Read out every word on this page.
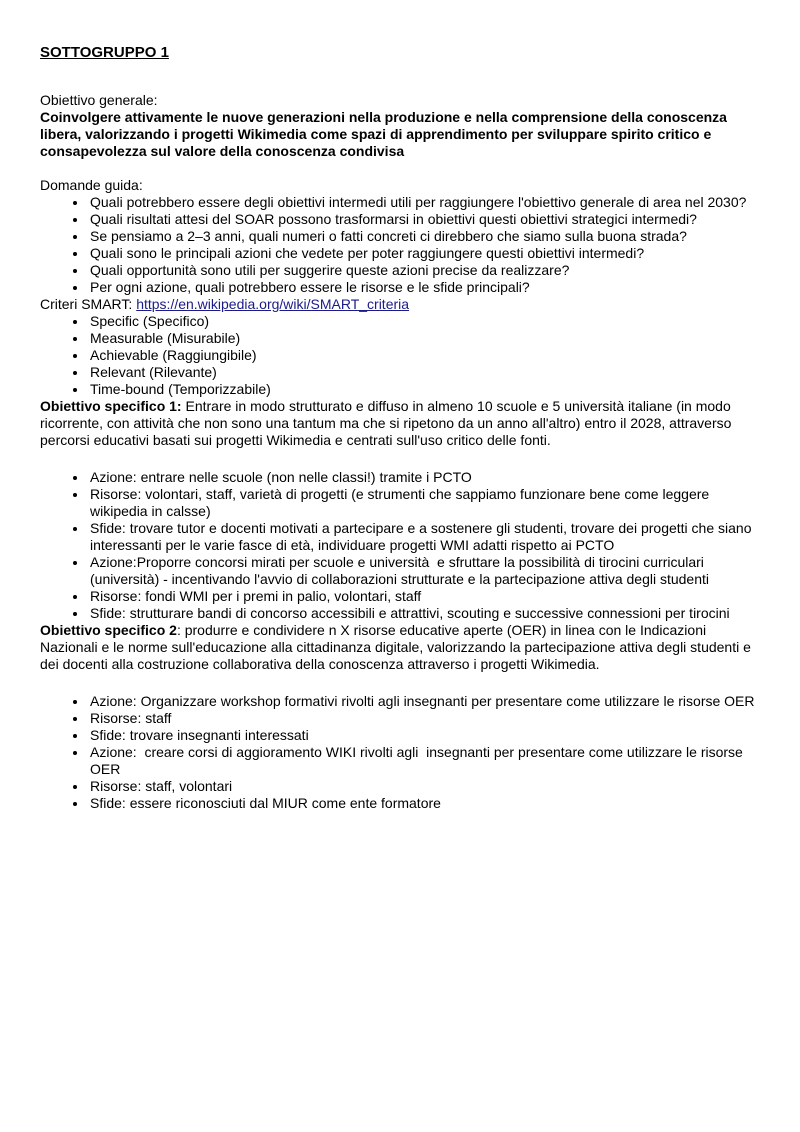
SOTTOGRUPPO 1

Obiettivo generale:

Coinvolgere attivamente le nuove generazioni nella produzione e nella comprensione della conoscenza libera, valorizzando i progetti Wikimedia come spazi di apprendimento per sviluppare spirito critico e consapevolezza sul valore della conoscenza condivisa

Domande guida:

• Quali potrebbero essere degli obiettivi intermedi utili per raggiungere l'obiettivo generale di area nel 2030?
• Quali risultati attesi del SOAR possono trasformarsi in obiettivi questi obiettivi strategici intermedi?
• Se pensiamo a 2–3 anni, quali numeri o fatti concreti ci direbbero che siamo sulla buona strada?
• Quali sono le principali azioni che vedete per poter raggiungere questi obiettivi intermedi?
• Quali opportunità sono utili per suggerire queste azioni precise da realizzare?
• Per ogni azione, quali potrebbero essere le risorse e le sfide principali?

Criteri SMART: https://en.wikipedia.org/wiki/SMART_criteria

• Specific (Specifico)
• Measurable (Misurabile)
• Achievable (Raggiungibile)
• Relevant (Rilevante)
• Time-bound (Temporizzabile)

Obiettivo specifico 1: Entrare in modo strutturato e diffuso in almeno 10 scuole e 5 università italiane (in modo ricorrente, con attività che non sono una tantum ma che si ripetono da un anno all'altro) entro il 2028, attraverso percorsi educativi basati sui progetti Wikimedia e centrati sull'uso critico delle fonti.

• Azione: entrare nelle scuole (non nelle classi!) tramite i PCTO
• Risorse: volontari, staff, varietà di progetti (e strumenti che sappiamo funzionare bene come leggere wikipedia in calsse)
• Sfide: trovare tutor e docenti motivati a partecipare e a sostenere gli studenti, trovare dei progetti che siano interessanti per le varie fasce di età, individuare progetti WMI adatti rispetto ai PCTO
• Azione:Proporre concorsi mirati per scuole e università  e sfruttare la possibilità di tirocini curriculari (università) - incentivando l'avvio di collaborazioni strutturate e la partecipazione attiva degli studenti
• Risorse: fondi WMI per i premi in palio, volontari, staff
• Sfide: strutturare bandi di concorso accessibili e attrattivi, scouting e successive connessioni per tirocini

Obiettivo specifico 2: produrre e condividere n X risorse educative aperte (OER) in linea con le Indicazioni Nazionali e le norme sull'educazione alla cittadinanza digitale, valorizzando la partecipazione attiva degli studenti e dei docenti alla costruzione collaborativa della conoscenza attraverso i progetti Wikimedia.

• Azione: Organizzare workshop formativi rivolti agli insegnanti per presentare come utilizzare le risorse OER
• Risorse: staff
• Sfide: trovare insegnanti interessati
• Azione:  creare corsi di aggioramento WIKI rivolti agli  insegnanti per presentare come utilizzare le risorse OER
• Risorse: staff, volontari
• Sfide: essere riconosciuti dal MIUR come ente formatore
